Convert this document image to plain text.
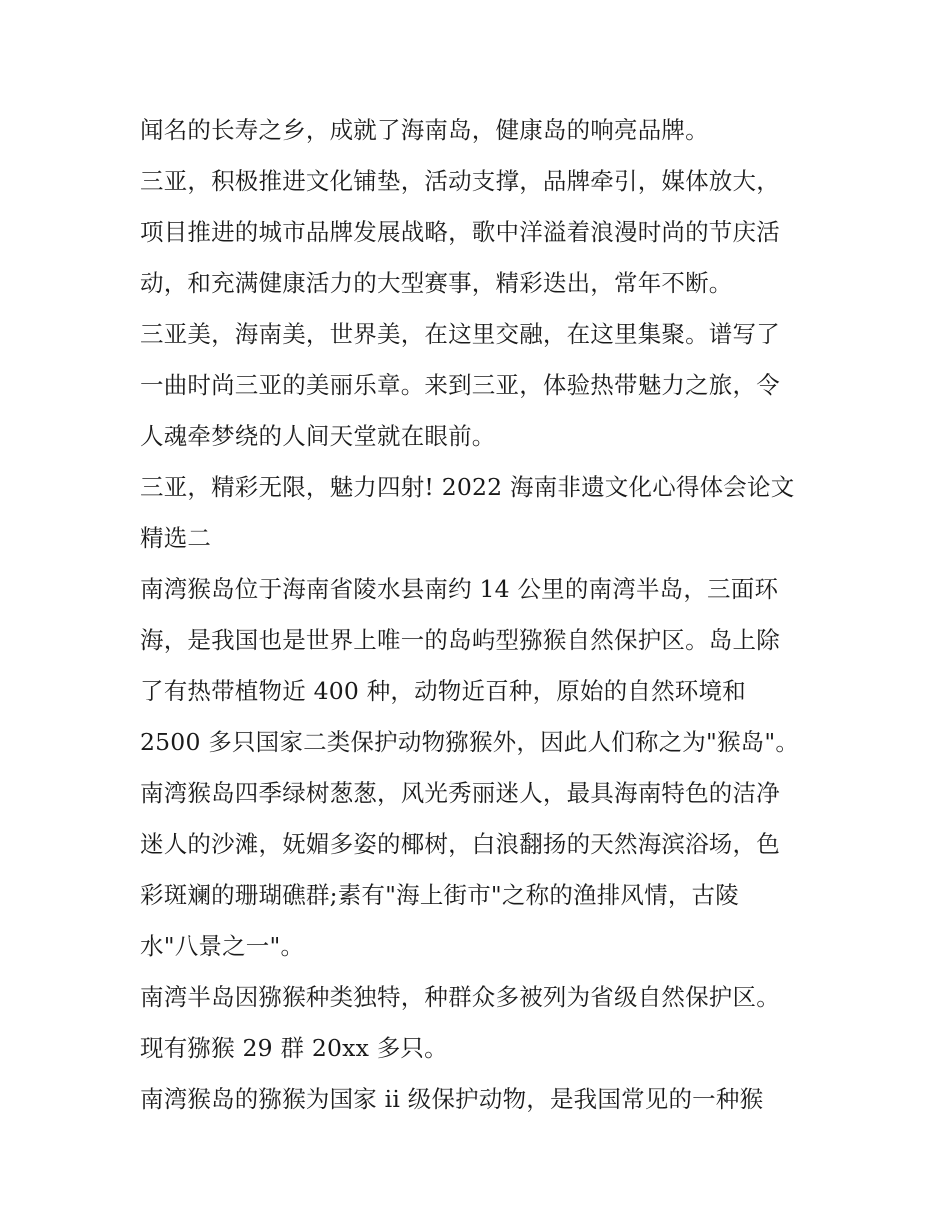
闻名的长寿之乡，成就了海南岛，健康岛的响亮品牌。
三亚，积极推进文化铺垫，活动支撑，品牌牵引，媒体放大，
项目推进的城市品牌发展战略，歌中洋溢着浪漫时尚的节庆活
动，和充满健康活力的大型赛事，精彩迭出，常年不断。
三亚美，海南美，世界美，在这里交融，在这里集聚。谱写了
一曲时尚三亚的美丽乐章。来到三亚，体验热带魅力之旅，令
人魂牵梦绕的人间天堂就在眼前。
三亚，精彩无限，魅力四射! 2022 海南非遗文化心得体会论文
精选二
南湾猴岛位于海南省陵水县南约 14 公里的南湾半岛，三面环
海，是我国也是世界上唯一的岛屿型猕猴自然保护区。岛上除
了有热带植物近 400 种，动物近百种，原始的自然环境和
2500 多只国家二类保护动物猕猴外，因此人们称之为"猴岛"。
南湾猴岛四季绿树葱葱，风光秀丽迷人，最具海南特色的洁净
迷人的沙滩，妩媚多姿的椰树，白浪翻扬的天然海滨浴场，色
彩斑斓的珊瑚礁群;素有"海上街市"之称的渔排风情，古陵
水"八景之一"。
南湾半岛因猕猴种类独特，种群众多被列为省级自然保护区。
现有猕猴 29 群 20xx 多只。
南湾猴岛的猕猴为国家 ii 级保护动物，是我国常见的一种猴
